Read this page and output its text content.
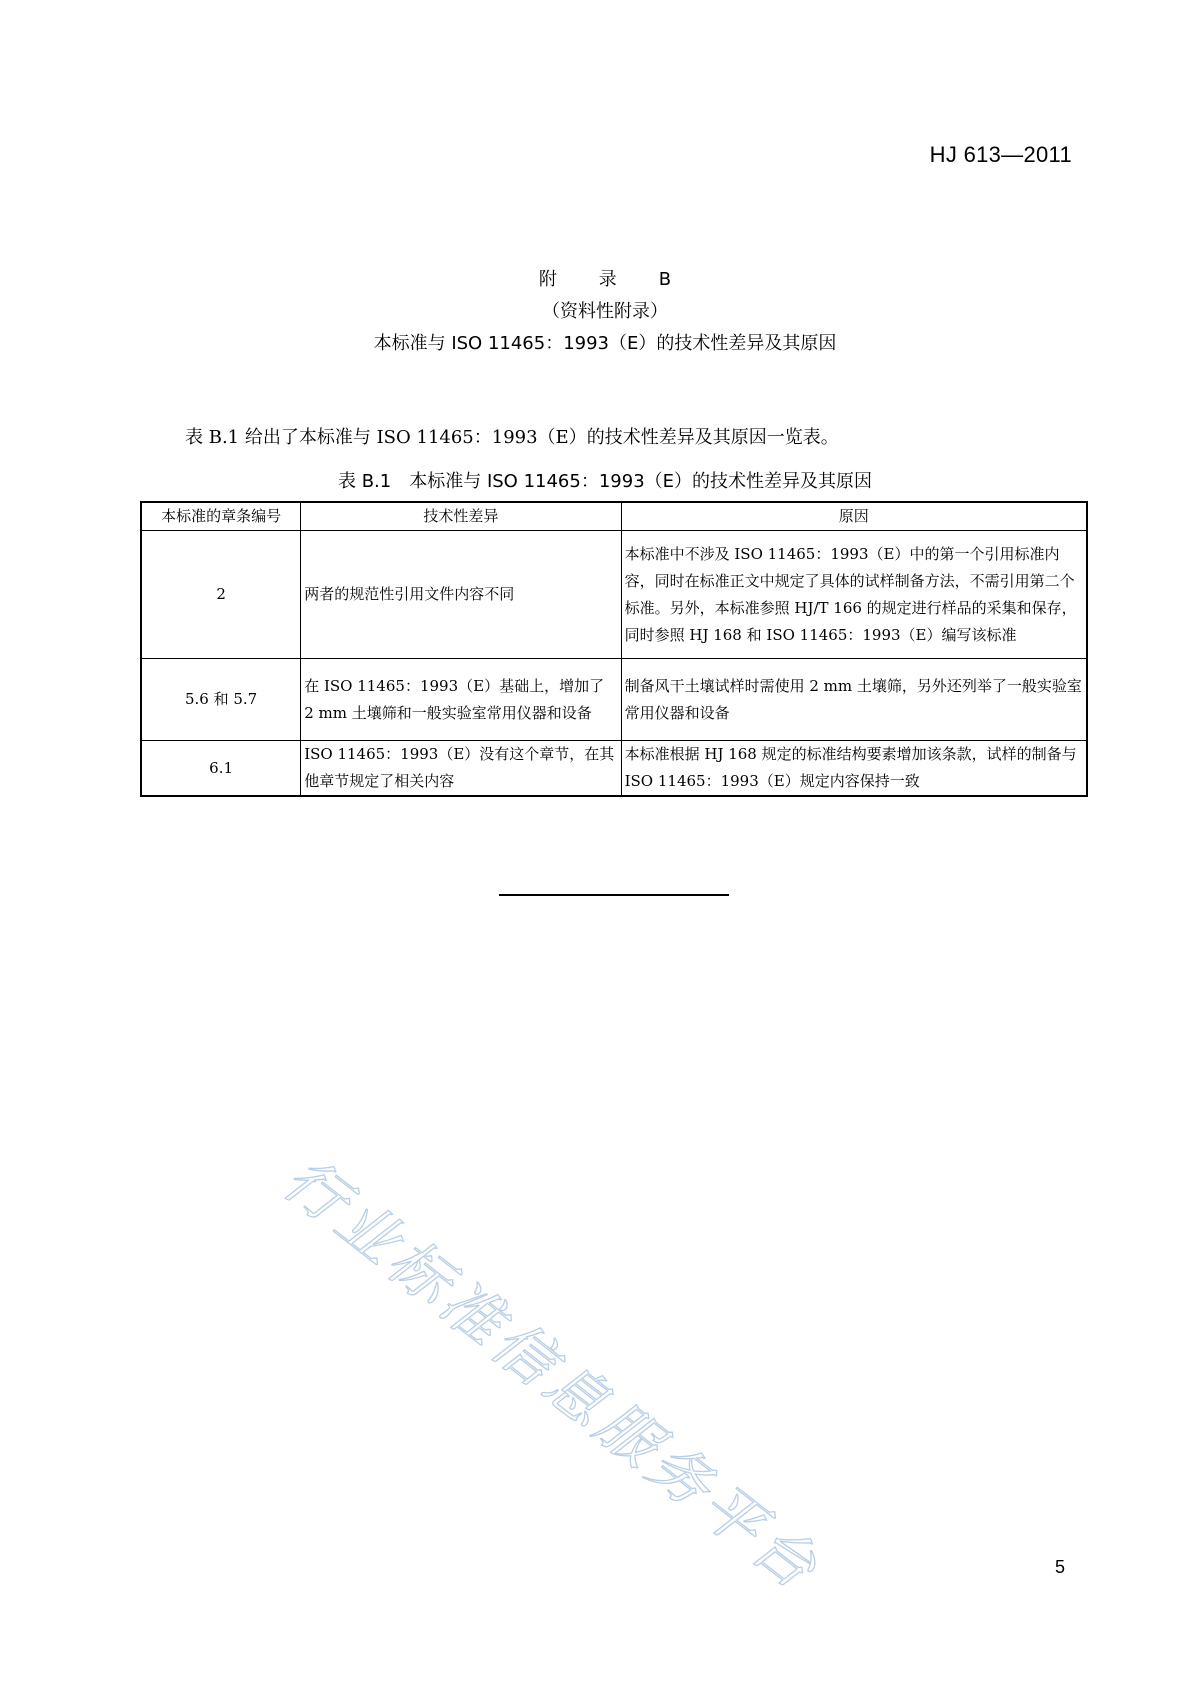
HJ 613—2011
附　录　B
（资料性附录）
本标准与 ISO 11465：1993（E）的技术性差异及其原因
表 B.1 给出了本标准与 ISO 11465：1993（E）的技术性差异及其原因一览表。
表 B.1　本标准与 ISO 11465：1993（E）的技术性差异及其原因
本标准的章条编号	技术性差异	原因
2	两者的规范性引用文件内容不同	本标准中不涉及 ISO 11465：1993（E）中的第一个引用标准内容，同时在标准正文中规定了具体的试样制备方法，不需引用第二个标准。另外，本标准参照 HJ/T 166 的规定进行样品的采集和保存，同时参照 HJ 168 和 ISO 11465：1993（E）编写该标准
5.6 和 5.7	在 ISO 11465：1993（E）基础上，增加了 2 mm 土壤筛和一般实验室常用仪器和设备	制备风干土壤试样时需使用 2 mm 土壤筛，另外还列举了一般实验室常用仪器和设备
6.1	ISO 11465：1993（E）没有这个章节，在其他章节规定了相关内容	本标准根据 HJ 168 规定的标准结构要素增加该条款，试样的制备与 ISO 11465：1993（E）规定内容保持一致
行业标准信息服务平台	5
